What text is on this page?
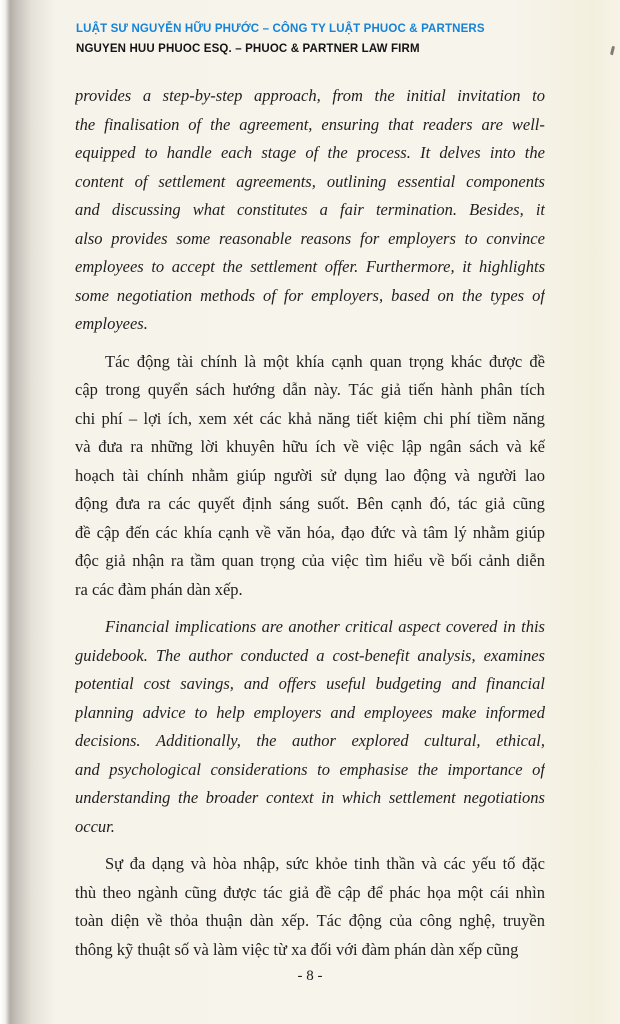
LUẬT SƯ NGUYỄN HỮU PHƯỚC – CÔNG TY LUẬT PHUOC & PARTNERS
NGUYEN HUU PHUOC ESQ. – PHUOC & PARTNER LAW FIRM
provides a step-by-step approach, from the initial invitation to
the finalisation of the agreement, ensuring that readers are well-
equipped to handle each stage of the process. It delves into the
content of settlement agreements, outlining essential components
and discussing what constitutes a fair termination. Besides, it
also provides some reasonable reasons for employers to convince
employees to accept the settlement offer. Furthermore, it highlights
some negotiation methods of for employers, based on the types of
employees.
Tác động tài chính là một khía cạnh quan trọng khác được đề
cập trong quyển sách hướng dẫn này. Tác giả tiến hành phân tích
chi phí – lợi ích, xem xét các khả năng tiết kiệm chi phí tiềm năng
và đưa ra những lời khuyên hữu ích về việc lập ngân sách và kế
hoạch tài chính nhằm giúp người sử dụng lao động và người lao
động đưa ra các quyết định sáng suốt. Bên cạnh đó, tác giả cũng
đề cập đến các khía cạnh về văn hóa, đạo đức và tâm lý nhằm giúp
độc giả nhận ra tầm quan trọng của việc tìm hiểu về bối cảnh diễn
ra các đàm phán dàn xếp.
Financial implications are another critical aspect covered in this
guidebook. The author conducted a cost-benefit analysis, examines
potential cost savings, and offers useful budgeting and financial
planning advice to help employers and employees make informed
decisions. Additionally, the author explored cultural, ethical,
and psychological considerations to emphasise the importance of
understanding the broader context in which settlement negotiations
occur.
Sự đa dạng và hòa nhập, sức khỏe tinh thần và các yếu tố đặc
thù theo ngành cũng được tác giả đề cập để phác họa một cái nhìn
toàn diện về thỏa thuận dàn xếp. Tác động của công nghệ, truyền
thông kỹ thuật số và làm việc từ xa đối với đàm phán dàn xếp cũng
- 8 -
